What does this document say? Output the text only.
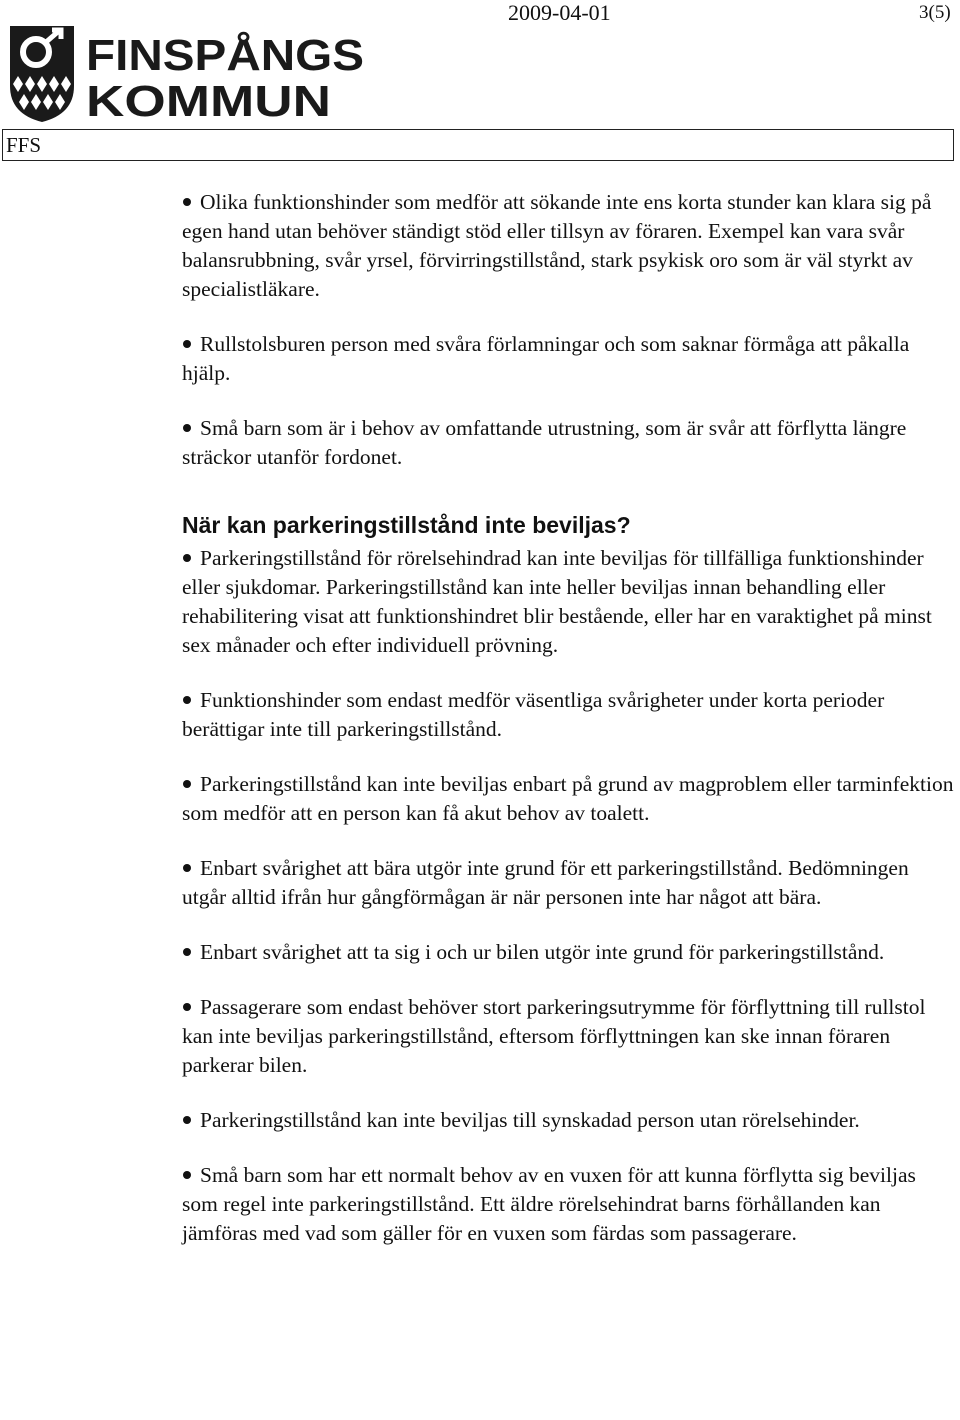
FINSPÅNGS
KOMMUN
2009-04-01	3(5)
FFS

Olika funktionshinder som medför att sökande inte ens korta stunder kan klara sig på egen hand utan behöver ständigt stöd eller tillsyn av föraren. Exempel kan vara svår balansrubbning, svår yrsel, förvirringstillstånd, stark psykisk oro som är väl styrkt av specialistläkare.

Rullstolsburen person med svåra förlamningar och som saknar förmåga att påkalla hjälp.

Små barn som är i behov av omfattande utrustning, som är svår att förflytta längre sträckor utanför fordonet.

När kan parkeringstillstånd inte beviljas?

Parkeringstillstånd för rörelsehindrad kan inte beviljas för tillfälliga funktionshinder eller sjukdomar. Parkeringstillstånd kan inte heller beviljas innan behandling eller rehabilitering visat att funktionshindret blir bestående, eller har en varaktighet på minst sex månader och efter individuell prövning.

Funktionshinder som endast medför väsentliga svårigheter under korta perioder berättigar inte till parkeringstillstånd.

Parkeringstillstånd kan inte beviljas enbart på grund av magproblem eller tarminfektion som medför att en person kan få akut behov av toalett.

Enbart svårighet att bära utgör inte grund för ett parkeringstillstånd. Bedömningen utgår alltid ifrån hur gångförmågan är när personen inte har något att bära.

Enbart svårighet att ta sig i och ur bilen utgör inte grund för parkeringstillstånd.

Passagerare som endast behöver stort parkeringsutrymme för förflyttning till rullstol kan inte beviljas parkeringstillstånd, eftersom förflyttningen kan ske innan föraren parkerar bilen.

Parkeringstillstånd kan inte beviljas till synskadad person utan rörelsehinder.

Små barn som har ett normalt behov av en vuxen för att kunna förflytta sig beviljas som regel inte parkeringstillstånd. Ett äldre rörelsehindrat barns förhållanden kan jämföras med vad som gäller för en vuxen som färdas som passagerare.
